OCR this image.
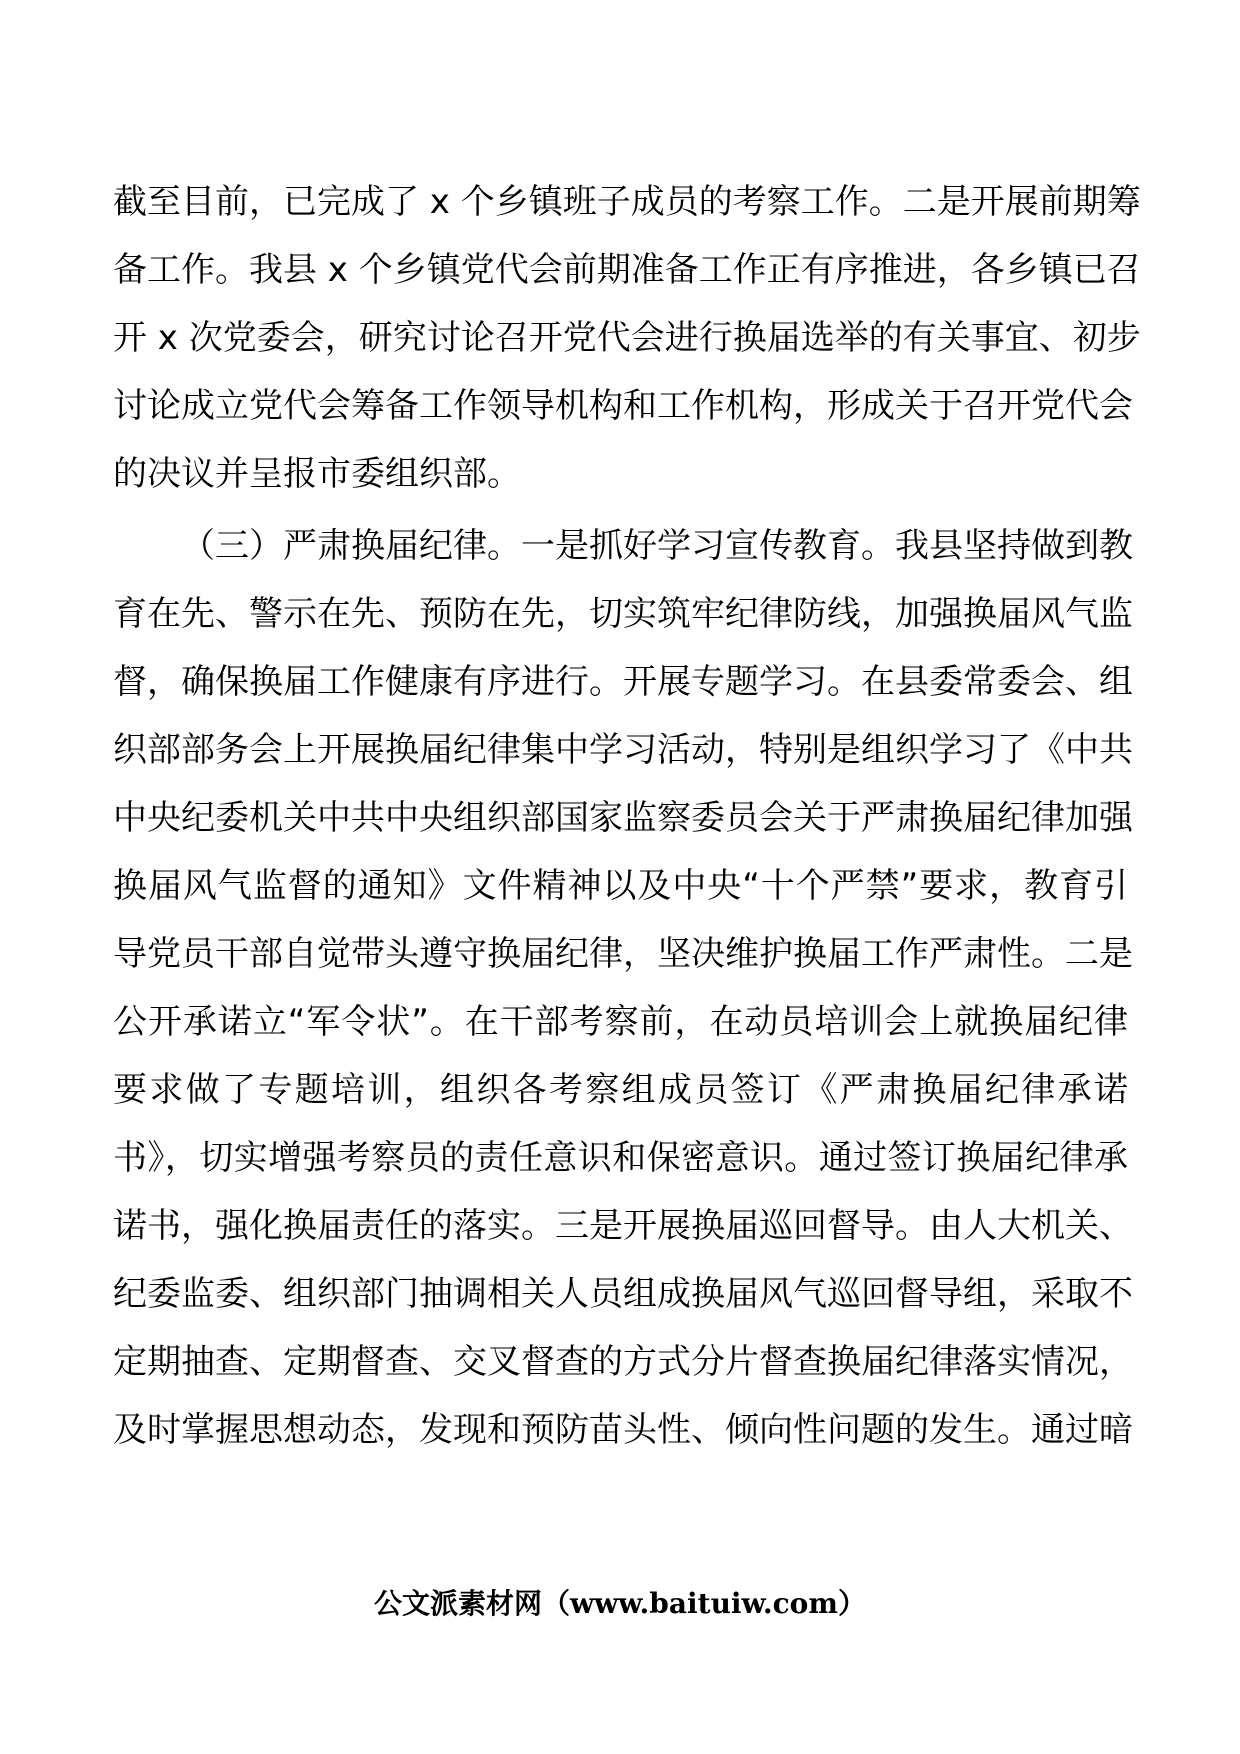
截至目前，已完成了 x 个乡镇班子成员的考察工作。二是开展前期筹
备工作。我县 x 个乡镇党代会前期准备工作正有序推进，各乡镇已召
开 x 次党委会，研究讨论召开党代会进行换届选举的有关事宜、初步
讨论成立党代会筹备工作领导机构和工作机构，形成关于召开党代会
的决议并呈报市委组织部。
（三）严肃换届纪律。一是抓好学习宣传教育。我县坚持做到教
育在先、警示在先、预防在先，切实筑牢纪律防线，加强换届风气监
督，确保换届工作健康有序进行。开展专题学习。在县委常委会、组
织部部务会上开展换届纪律集中学习活动，特别是组织学习了《中共
中央纪委机关中共中央组织部国家监察委员会关于严肃换届纪律加强
换届风气监督的通知》文件精神以及中央“十个严禁”要求，教育引
导党员干部自觉带头遵守换届纪律，坚决维护换届工作严肃性。二是
公开承诺立“军令状”。在干部考察前，在动员培训会上就换届纪律
要求做了专题培训，组织各考察组成员签订《严肃换届纪律承诺
书》，切实增强考察员的责任意识和保密意识。通过签订换届纪律承
诺书，强化换届责任的落实。三是开展换届巡回督导。由人大机关、
纪委监委、组织部门抽调相关人员组成换届风气巡回督导组，采取不
定期抽查、定期督查、交叉督查的方式分片督查换届纪律落实情况，
及时掌握思想动态，发现和预防苗头性、倾向性问题的发生。通过暗
公文派素材网（www.baituiw.com）
